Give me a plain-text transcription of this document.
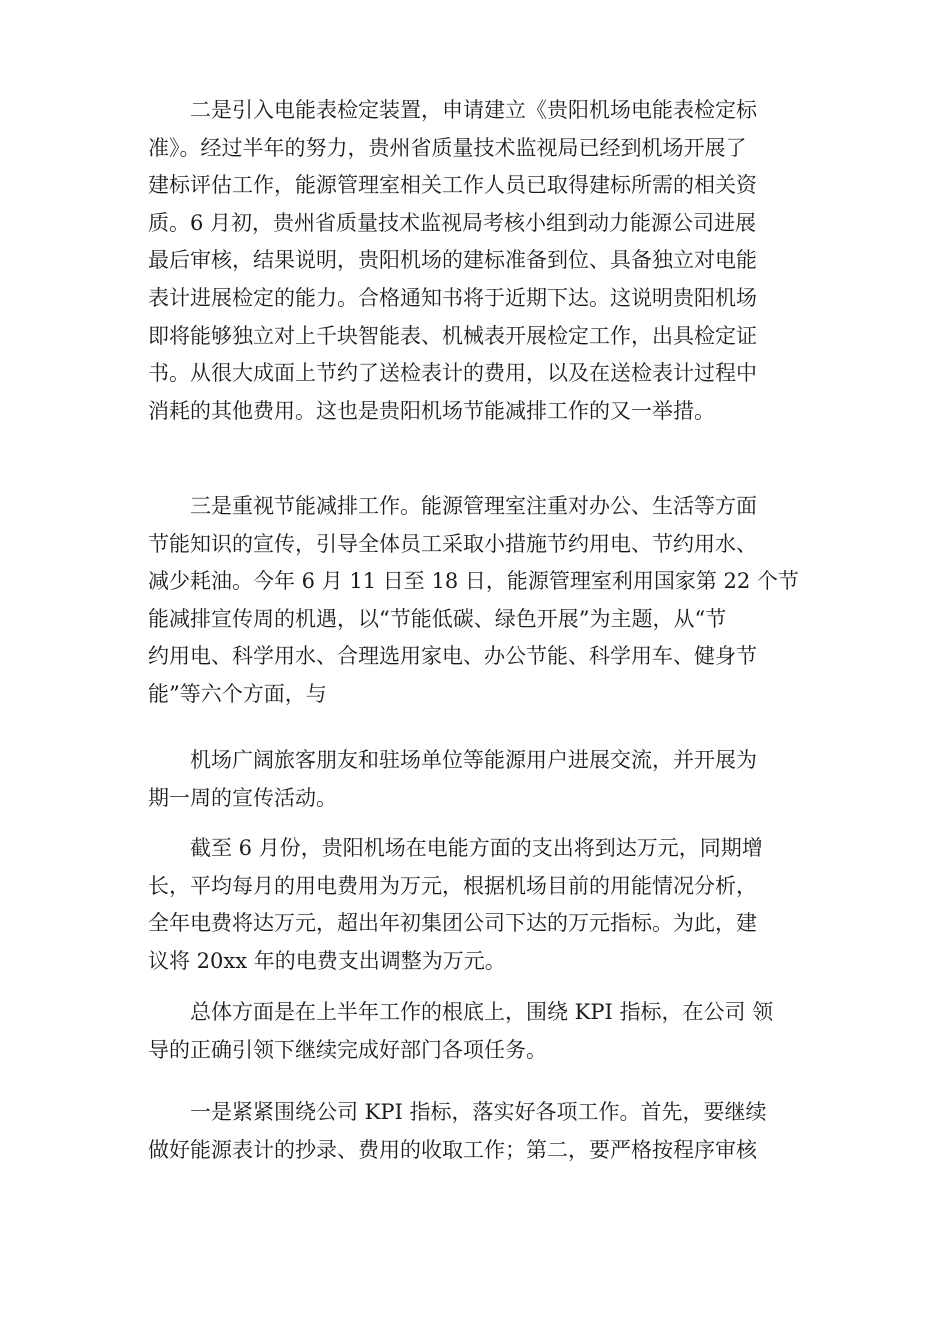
二是引入电能表检定装置，申请建立《贵阳机场电能表检定标
准》。经过半年的努力，贵州省质量技术监视局已经到机场开展了
建标评估工作，能源管理室相关工作人员已取得建标所需的相关资
质。6 月初，贵州省质量技术监视局考核小组到动力能源公司进展
最后审核，结果说明，贵阳机场的建标准备到位、具备独立对电能
表计进展检定的能力。合格通知书将于近期下达。这说明贵阳机场
即将能够独立对上千块智能表、机械表开展检定工作，出具检定证
书。从很大成面上节约了送检表计的费用，以及在送检表计过程中
消耗的其他费用。这也是贵阳机场节能减排工作的又一举措。
三是重视节能减排工作。能源管理室注重对办公、生活等方面
节能知识的宣传，引导全体员工采取小措施节约用电、节约用水、
减少耗油。今年 6 月 11 日至 18 日，能源管理室利用国家第 22 个节
能减排宣传周的机遇，以“节能低碳、绿色开展”为主题，从“节
约用电、科学用水、合理选用家电、办公节能、科学用车、健身节
能”等六个方面，与
机场广阔旅客朋友和驻场单位等能源用户进展交流，并开展为
期一周的宣传活动。
截至 6 月份，贵阳机场在电能方面的支出将到达万元，同期增
长，平均每月的用电费用为万元，根据机场目前的用能情况分析，
全年电费将达万元，超出年初集团公司下达的万元指标。为此，建
议将 20xx 年的电费支出调整为万元。
总体方面是在上半年工作的根底上，围绕 KPI 指标，在公司 领
导的正确引领下继续完成好部门各项任务。
一是紧紧围绕公司 KPI 指标，落实好各项工作。首先，要继续
做好能源表计的抄录、费用的收取工作；第二，要严格按程序审核
